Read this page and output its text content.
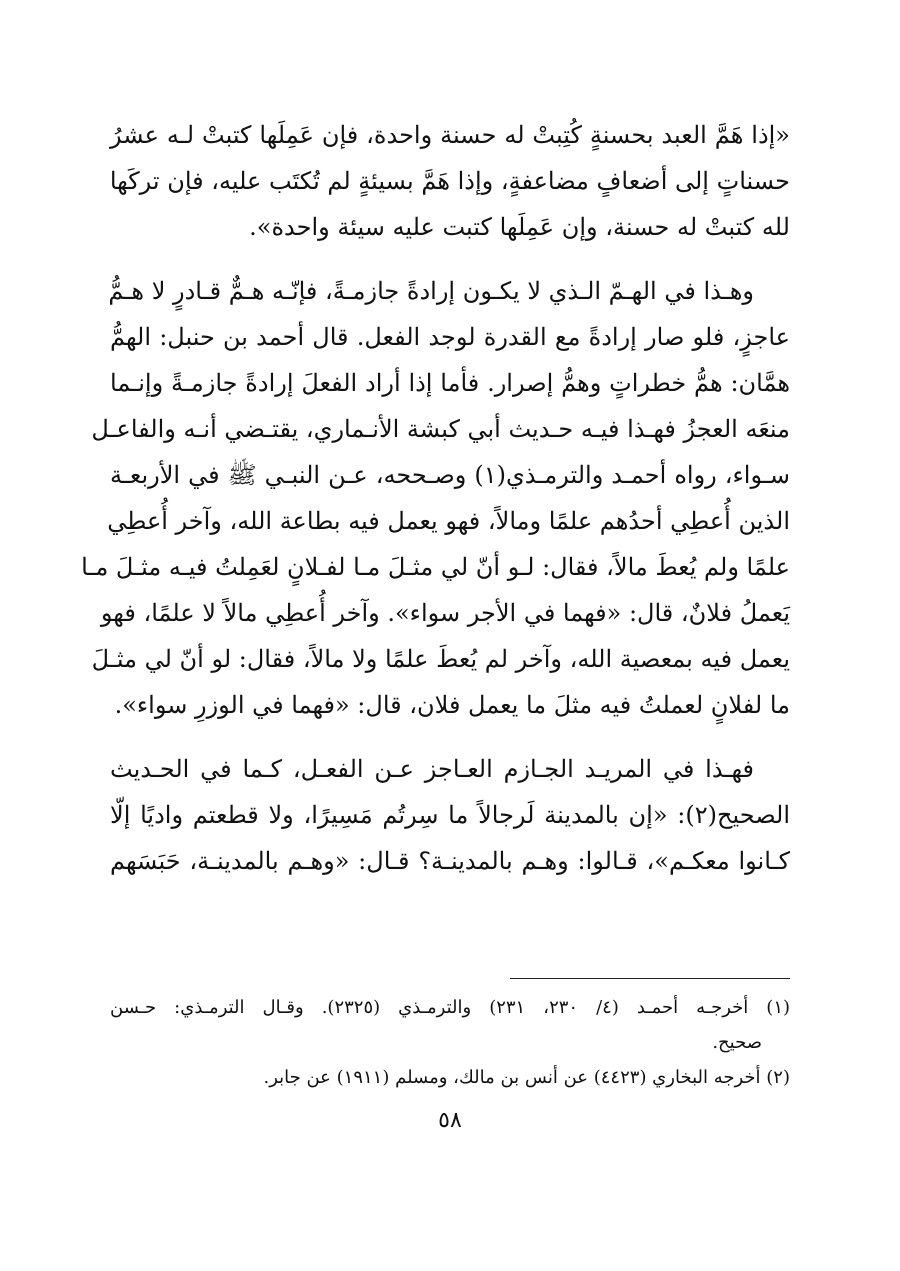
«إذا هَمَّ العبد بحسنةٍ كُتِبتْ له حسنة واحدة، فإن عَمِلَها كتبتْ لـه عشرُ
حسناتٍ إلى أضعافٍ مضاعفةٍ، وإذا هَمَّ بسيئةٍ لم تُكتَب عليه، فإن تركَها
لله كتبتْ له حسنة، وإن عَمِلَها كتبت عليه سيئة واحدة».
وهـذا في الهـمّ الـذي لا يكـون إرادةً جازمـةً، فإنّـه هـمٌّ قـادرٍ لا هـمُّ
عاجزٍ، فلو صار إرادةً مع القدرة لوجد الفعل. قال أحمد بن حنبل: الهمُّ
همَّان: همُّ خطراتٍ وهمُّ إصرار. فأما إذا أراد الفعلَ إرادةً جازمـةً وإنـما
منعَه العجزُ فهـذا فيـه حـديث أبي كبشة الأنـماري، يقتـضي أنـه والفاعـل
سـواء، رواه أحمـد والترمـذي(١) وصـححه، عـن النبـي ﷺ في الأربعـة
الذين أُعطِي أحدُهم علمًا ومالاً، فهو يعمل فيه بطاعة الله، وآخر أُعطِي
علمًا ولم يُعطَ مالاً، فقال: لـو أنّ لي مثـلَ مـا لفـلانٍ لعَمِلتُ فيـه مثـلَ مـا
يَعملُ فلانٌ، قال: «فهما في الأجر سواء». وآخر أُعطِي مالاً لا علمًا، فهو
يعمل فيه بمعصية الله، وآخر لم يُعطَ علمًا ولا مالاً، فقال: لو أنّ لي مثـلَ
ما لفلانٍ لعملتُ فيه مثلَ ما يعمل فلان، قال: «فهما في الوزرِ سواء».
فهـذا في المريـد الجـازم العـاجز عـن الفعـل، كـما في الحـديث
الصحيح(٢): «إن بالمدينة لَرجالاً ما سِرتُم مَسِيرًا، ولا قطعتم واديًا إلّا
كـانوا معكـم»، قـالوا: وهـم بالمدينـة؟ قـال: «وهـم بالمدينـة، حَبَسَهم
(١) أخرجـه أحمـد (٤/ ٢٣٠، ٢٣١) والترمـذي (٢٣٢٥). وقـال الترمـذي: حـسن
صحيح.
(٢) أخرجه البخاري (٤٤٢٣) عن أنس بن مالك، ومسلم (١٩١١) عن جابر.
٥٨
